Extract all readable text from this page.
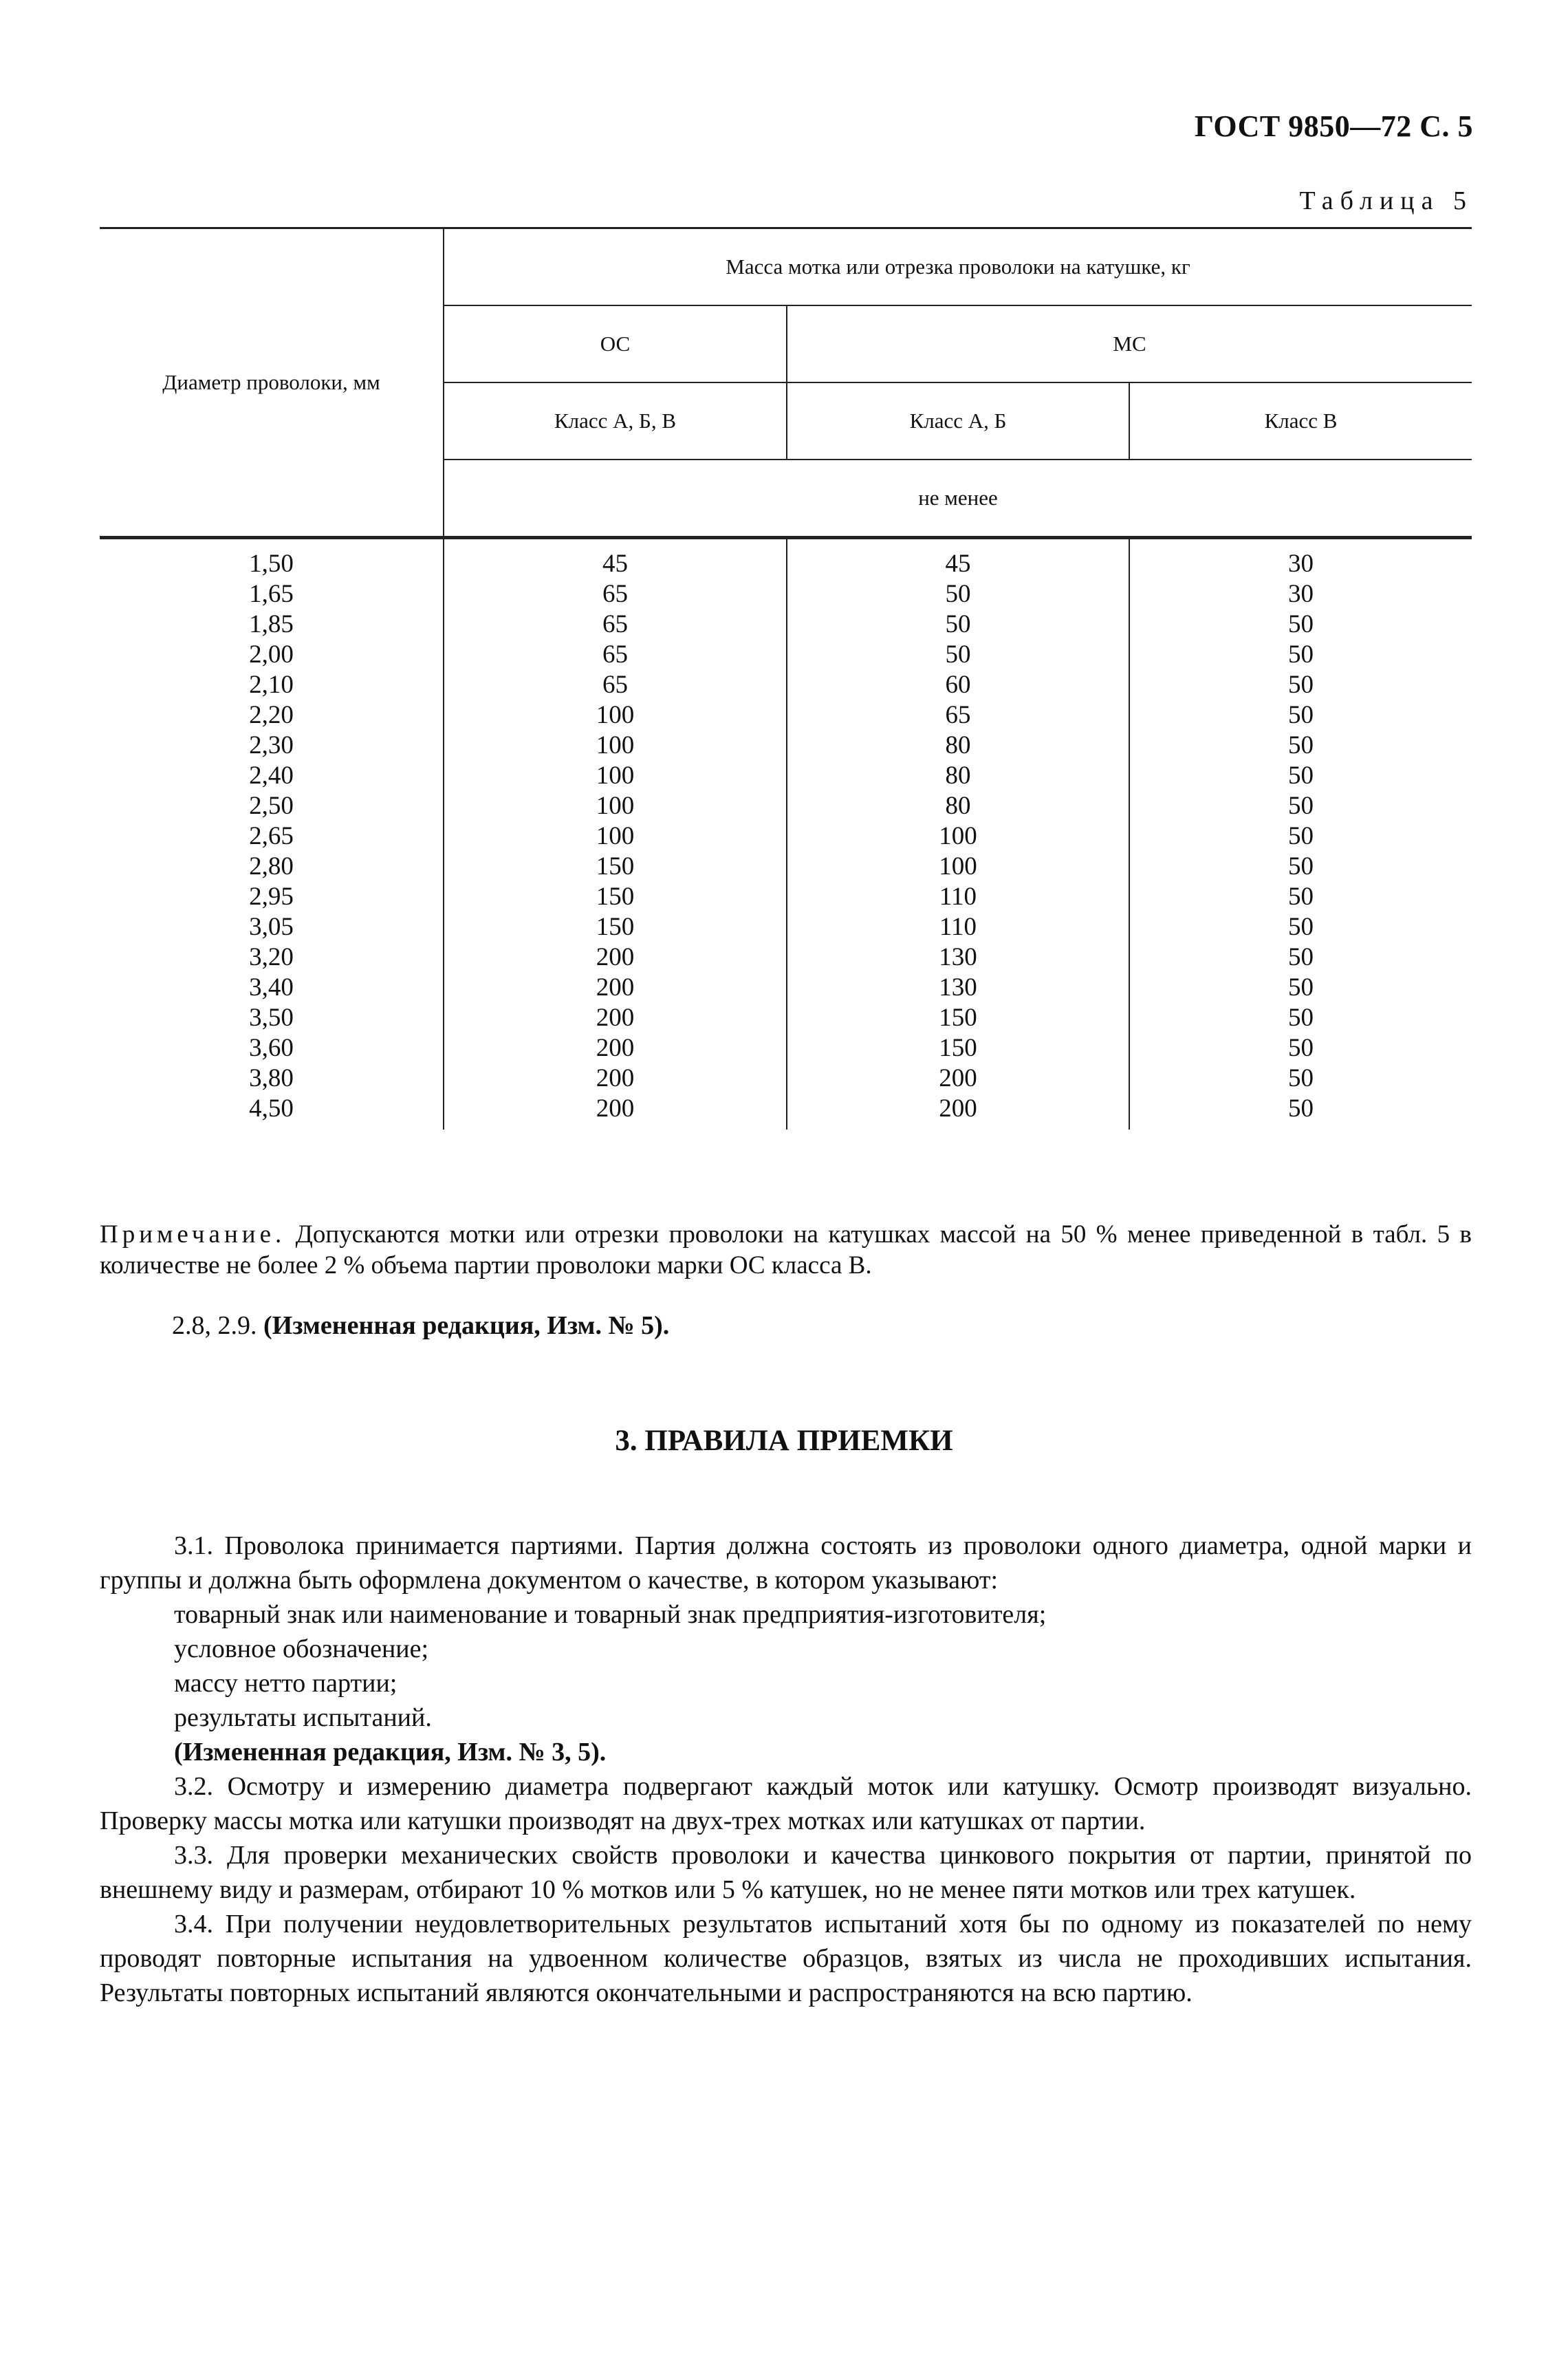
ГОСТ 9850—72 С. 5
Таблица 5
Диаметр проволоки, мм	Масса мотка или отрезка проволоки на катушке, кг		
	ОС	МС	
	Класс А, Б, В	Класс А, Б	Класс В
	не менее		
1,50	45	45	30
1,65	65	50	30
1,85	65	50	50
2,00	65	50	50
2,10	65	60	50
2,20	100	65	50
2,30	100	80	50
2,40	100	80	50
2,50	100	80	50
2,65	100	100	50
2,80	150	100	50
2,95	150	110	50
3,05	150	110	50
3,20	200	130	50
3,40	200	130	50
3,50	200	150	50
3,60	200	150	50
3,80	200	200	50
4,50	200	200	50
Примечание. Допускаются мотки или отрезки проволоки на катушках массой на 50 % менее приведенной в табл. 5 в количестве не более 2 % объема партии проволоки марки ОС класса В.
2.8, 2.9. (Измененная редакция, Изм. № 5).
3. ПРАВИЛА ПРИЕМКИ

3.1. Проволока принимается партиями. Партия должна состоять из проволоки одного диаметра, одной марки и группы и должна быть оформлена документом о качестве, в котором указывают:

товарный знак или наименование и товарный знак предприятия-изготовителя;

условное обозначение;

массу нетто партии;

результаты испытаний.

(Измененная редакция, Изм. № 3, 5).

3.2. Осмотру и измерению диаметра подвергают каждый моток или катушку. Осмотр производят визуально. Проверку массы мотка или катушки производят на двух-трех мотках или катушках от партии.

3.3. Для проверки механических свойств проволоки и качества цинкового покрытия от партии, принятой по внешнему виду и размерам, отбирают 10 % мотков или 5 % катушек, но не менее пяти мотков или трех катушек.

3.4. При получении неудовлетворительных результатов испытаний хотя бы по одному из показателей по нему проводят повторные испытания на удвоенном количестве образцов, взятых из числа не проходивших испытания. Результаты повторных испытаний являются окончательными и распространяются на всю партию.
